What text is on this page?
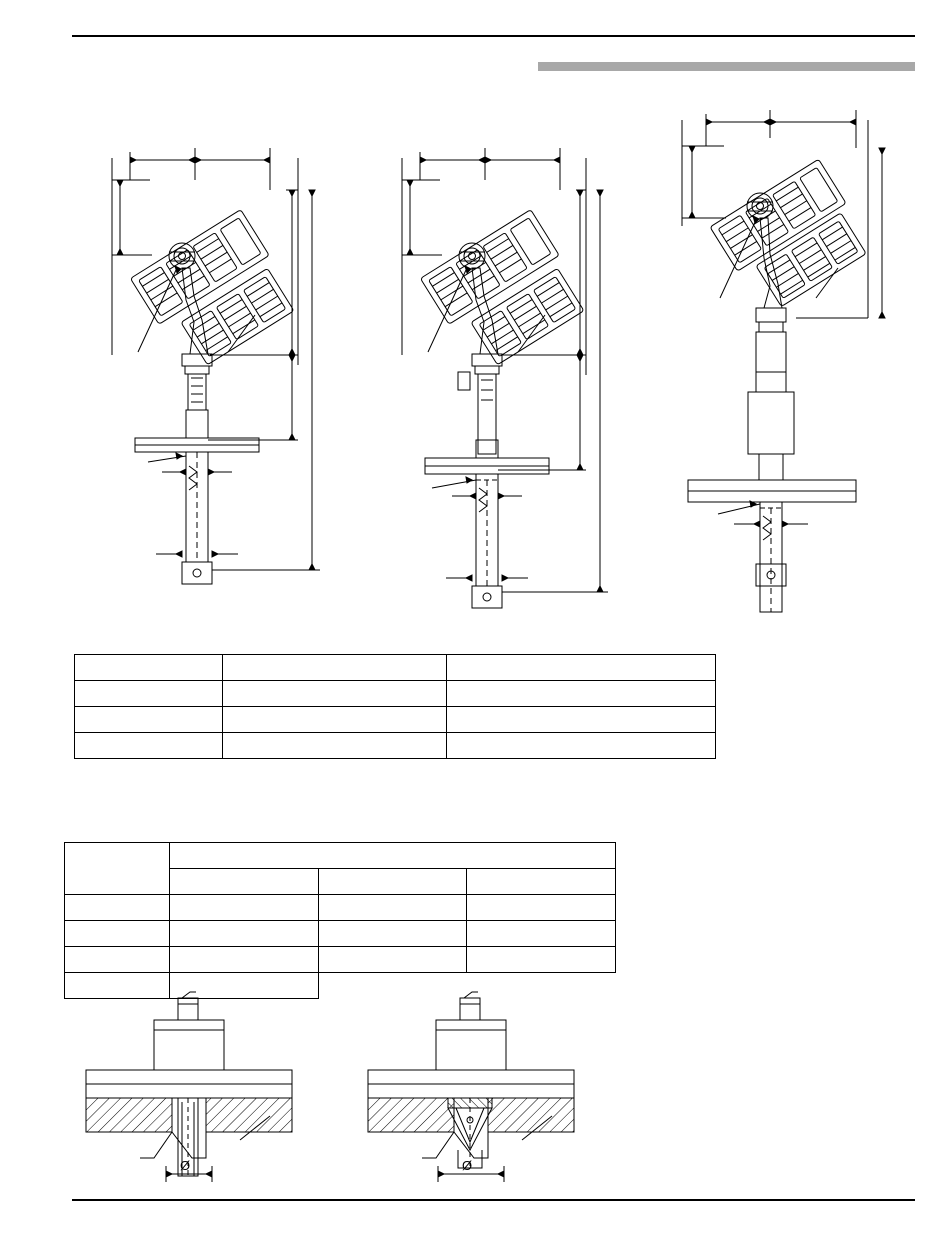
Ø	Ø
